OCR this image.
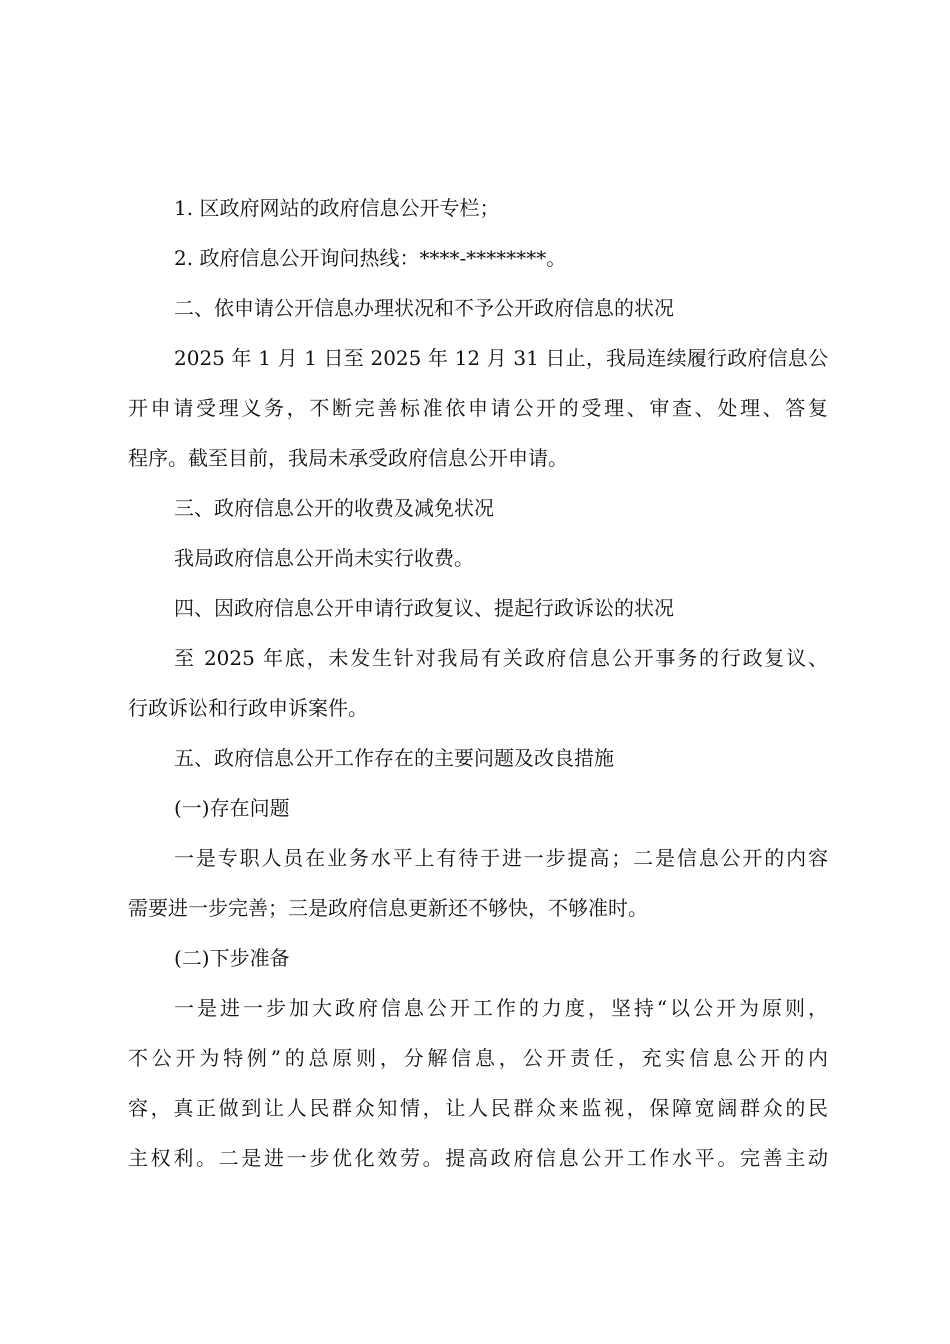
1. 区政府网站的政府信息公开专栏；
2. 政府信息公开询问热线：****-********。
二、依申请公开信息办理状况和不予公开政府信息的状况
2025 年 1 月 1 日至 2025 年 12 月 31 日止，我局连续履行政府信息公
开申请受理义务，不断完善标准依申请公开的受理、审查、处理、答复
程序。截至目前，我局未承受政府信息公开申请。
三、政府信息公开的收费及减免状况
我局政府信息公开尚未实行收费。
四、因政府信息公开申请行政复议、提起行政诉讼的状况
至 2025 年底，未发生针对我局有关政府信息公开事务的行政复议、
行政诉讼和行政申诉案件。
五、政府信息公开工作存在的主要问题及改良措施
(一)存在问题
一是专职人员在业务水平上有待于进一步提高；二是信息公开的内容
需要进一步完善；三是政府信息更新还不够快，不够准时。
(二)下步准备
一是进一步加大政府信息公开工作的力度，坚持“以公开为原则，
不公开为特例”的总原则，分解信息，公开责任，充实信息公开的内
容，真正做到让人民群众知情，让人民群众来监视，保障宽阔群众的民
主权利。二是进一步优化效劳。提高政府信息公开工作水平。完善主动
